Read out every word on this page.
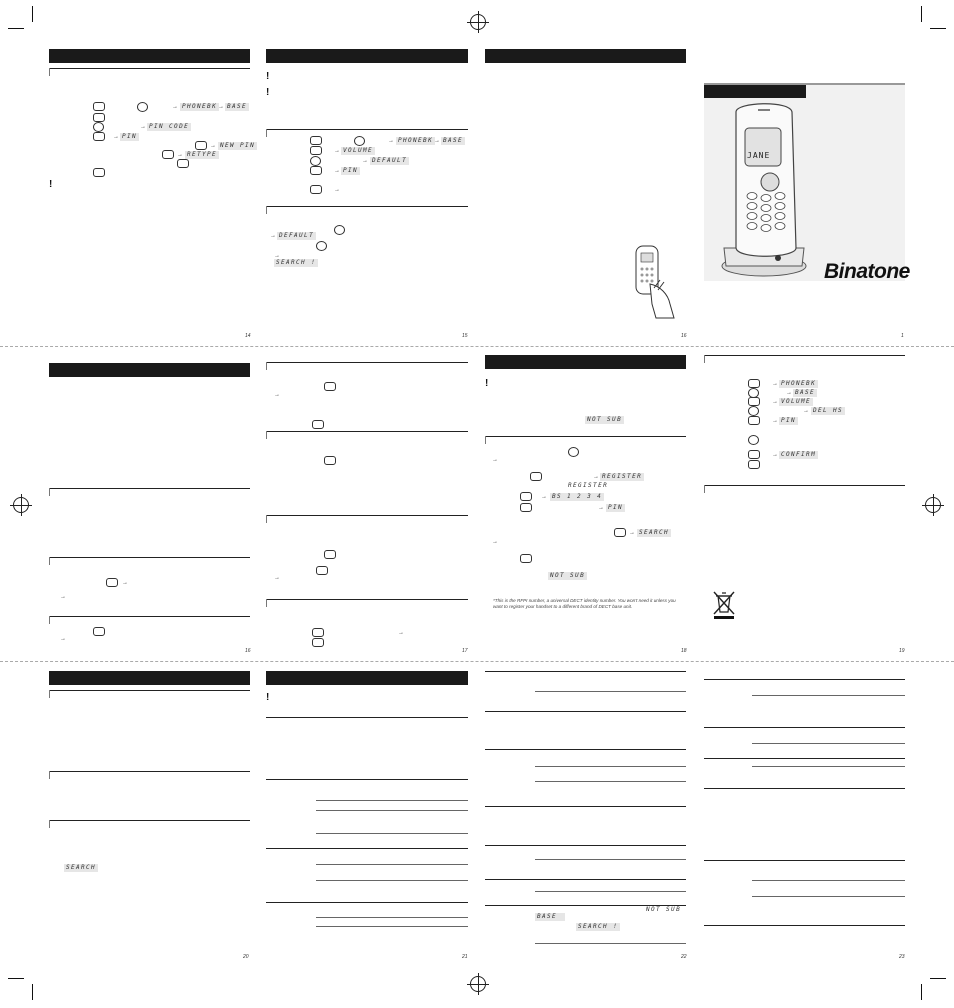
→ PHONEBK → BASE
→ PIN CODE
→ PIN
→ NEW PIN
→ RETYPE
!
14
!
!
→ PHONEBK → BASE
→ VOLUME
→ DEFAULT
→ PIN
→
→ DEFAULT
→
SEARCH !
15	16
JANE
Binatone
1
→
→
→
16
→
→
→
17
!
NOT SUB
→
→ REGISTER
REGISTER
→ BS 1 2 3 4
→ PIN
→ SEARCH
→
NOT SUB
*This is the RFPI number, a universal DECT identity number. You won't need it unless you want to register your handset to a different brand of DECT base unit.
18
→ PHONEBK
→ BASE
→ VOLUME
→ DEL HS
→ PIN
→ CONFIRM
19
SEARCH
20
!
21
NOT SUB
BASE
SEARCH !
22	23
